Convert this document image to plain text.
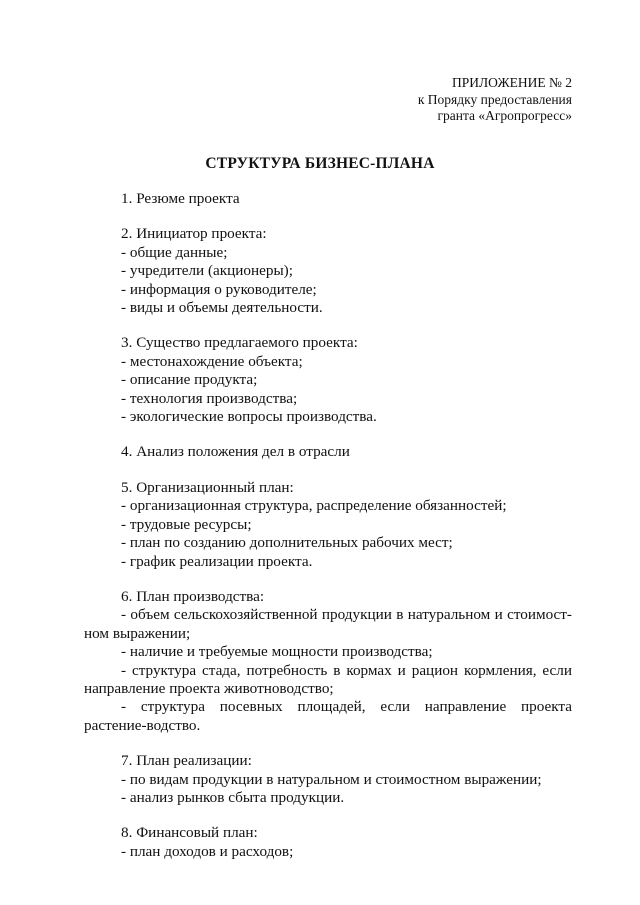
ПРИЛОЖЕНИЕ № 2
к Порядку предоставления
гранта «Агропрогресс»
СТРУКТУРА БИЗНЕС-ПЛАНА
1. Резюме проекта
2. Инициатор проекта:
- общие данные;
- учредители (акционеры);
- информация о руководителе;
- виды и объемы деятельности.
3. Существо предлагаемого проекта:
- местонахождение объекта;
- описание продукта;
- технология производства;
- экологические вопросы производства.
4. Анализ положения дел в отрасли
5. Организационный план:
- организационная структура, распределение обязанностей;
- трудовые ресурсы;
- план по созданию дополнительных рабочих мест;
- график реализации проекта.
6. План производства:
- объем сельскохозяйственной продукции в натуральном и стоимост-ном выражении;
- наличие и требуемые мощности производства;
- структура стада, потребность в кормах и рацион кормления, если направление проекта животноводство;
- структура посевных площадей, если направление проекта растение-водство.
7. План реализации:
- по видам продукции в натуральном и стоимостном выражении;
- анализ рынков сбыта продукции.
8. Финансовый план:
- план доходов и расходов;
